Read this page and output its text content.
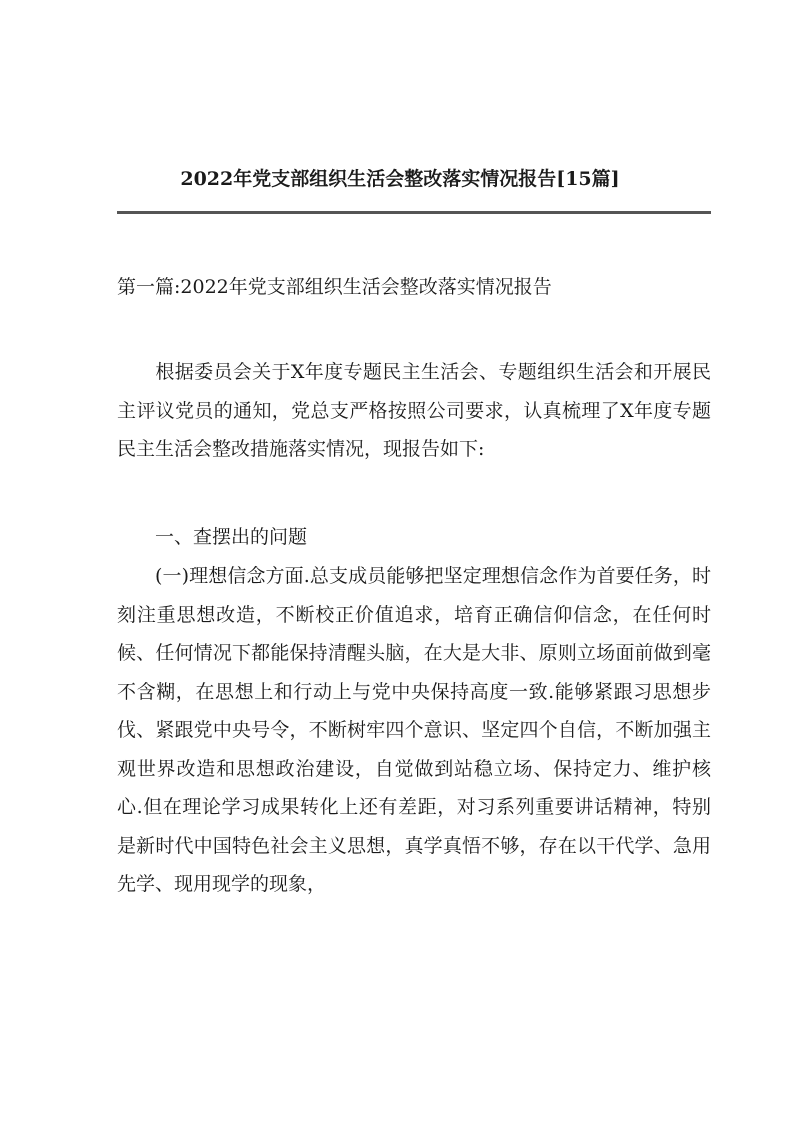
2022年党支部组织生活会整改落实情况报告[15篇]
第一篇:2022年党支部组织生活会整改落实情况报告

根据委员会关于X年度专题民主生活会、专题组织生活会和开展民主评议党员的通知，党总支严格按照公司要求，认真梳理了X年度专题民主生活会整改措施落实情况，现报告如下:

一、查摆出的问题

(一)理想信念方面.总支成员能够把坚定理想信念作为首要任务，时刻注重思想改造，不断校正价值追求，培育正确信仰信念，在任何时候、任何情况下都能保持清醒头脑，在大是大非、原则立场面前做到毫不含糊，在思想上和行动上与党中央保持高度一致.能够紧跟习思想步伐、紧跟党中央号令，不断树牢四个意识、坚定四个自信，不断加强主观世界改造和思想政治建设，自觉做到站稳立场、保持定力、维护核心.但在理论学习成果转化上还有差距，对习系列重要讲话精神，特别是新时代中国特色社会主义思想，真学真悟不够，存在以干代学、急用先学、现用现学的现象，
